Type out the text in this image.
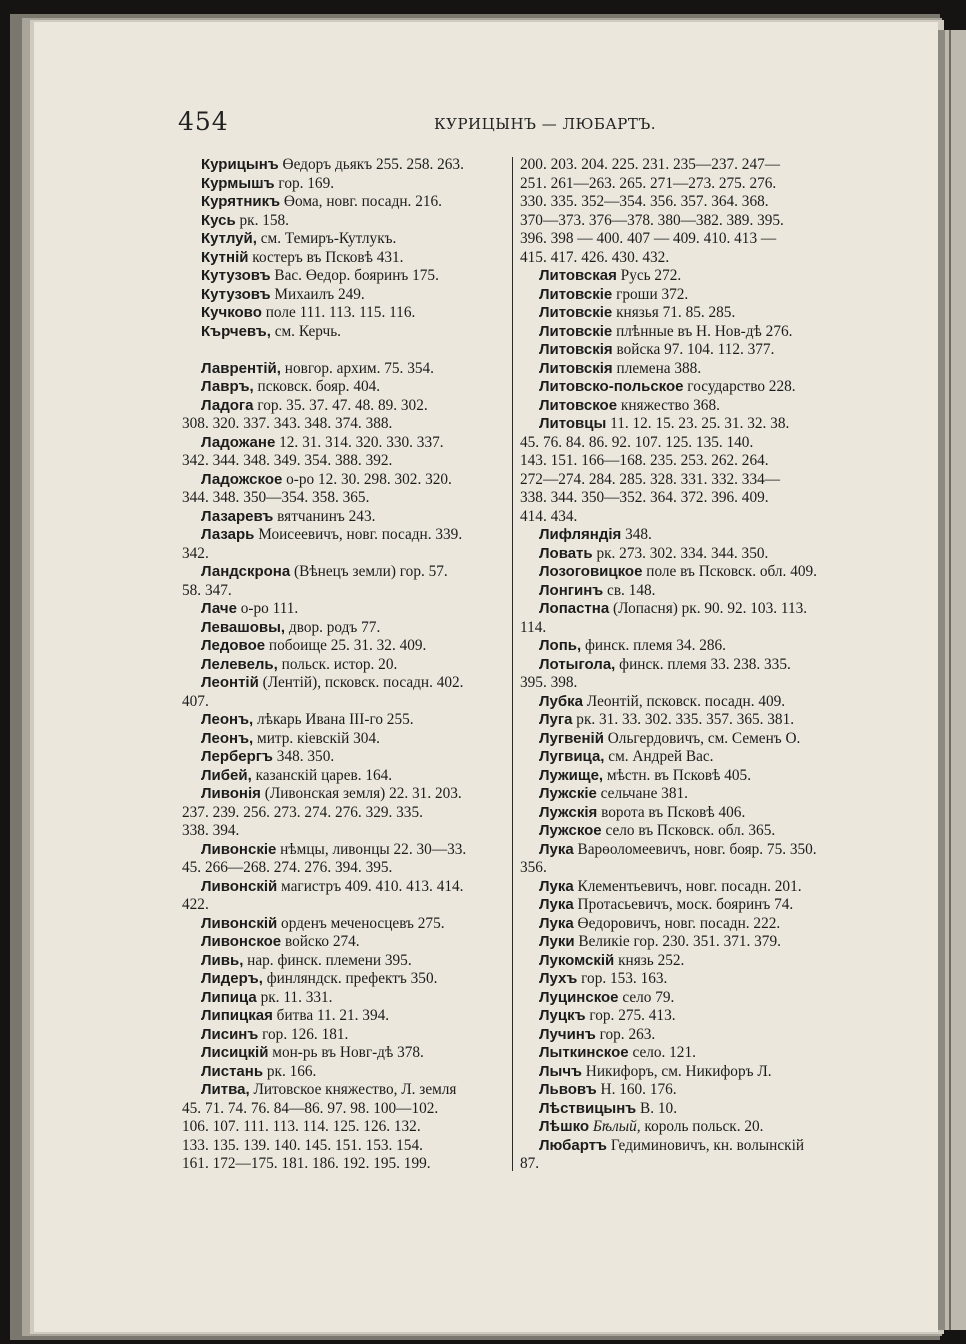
454	КУРИЦЫНЪ — ЛЮБАРТЪ.
Курицынъ Өедоръ дьякъ 255. 258. 263.
Курмышъ гор. 169.
Курятникъ Өома, новг. посадн. 216.
Кусь рк. 158.
Кутлуй, см. Темиръ-Кутлукъ.
Кутній костеръ въ Псковѣ 431.
Кутузовъ Вас. Өедор. бояринъ 175.
Кутузовъ Михаилъ 249.
Кучково поле 111. 113. 115. 116.
Кърчевъ, см. Керчь.
Лаврентій, новгор. архим. 75. 354.
Лавръ, псковск. бояр. 404.
Ладога гор. 35. 37. 47. 48. 89. 302.
308. 320. 337. 343. 348. 374. 388.
Ладожане 12. 31. 314. 320. 330. 337.
342. 344. 348. 349. 354. 388. 392.
Ладожское о-ро 12. 30. 298. 302. 320.
344. 348. 350—354. 358. 365.
Лазаревъ вятчанинъ 243.
Лазарь Моисеевичъ, новг. посадн. 339.
342.
Ландскрона (Вѣнецъ земли) гор. 57.
58. 347.
Лаче о-ро 111.
Левашовы, двор. родъ 77.
Ледовое побоище 25. 31. 32. 409.
Лелевель, польск. истор. 20.
Леонтій (Лентій), псковск. посадн. 402.
407.
Леонъ, лѣкарь Ивана III-го 255.
Леонъ, митр. кіевскій 304.
Лербергъ 348. 350.
Либей, казанскій царев. 164.
Ливонія (Ливонская земля) 22. 31. 203.
237. 239. 256. 273. 274. 276. 329. 335.
338. 394.
Ливонскіе нѣмцы, ливонцы 22. 30—33.
45. 266—268. 274. 276. 394. 395.
Ливонскій магистръ 409. 410. 413. 414.
422.
Ливонскій орденъ меченосцевъ 275.
Ливонское войско 274.
Ливь, нар. финск. племени 395.
Лидеръ, финляндск. префектъ 350.
Липица рк. 11. 331.
Липицкая битва 11. 21. 394.
Лисинъ гор. 126. 181.
Лисицкій мон-рь въ Новг-дѣ 378.
Листань рк. 166.
Литва, Литовское княжество, Л. земля
45. 71. 74. 76. 84—86. 97. 98. 100—102.
106. 107. 111. 113. 114. 125. 126. 132.
133. 135. 139. 140. 145. 151. 153. 154.
161. 172—175. 181. 186. 192. 195. 199.
200. 203. 204. 225. 231. 235—237. 247—
251. 261—263. 265. 271—273. 275. 276.
330. 335. 352—354. 356. 357. 364. 368.
370—373. 376—378. 380—382. 389. 395.
396. 398 — 400. 407 — 409. 410. 413 —
415. 417. 426. 430. 432.
Литовская Русь 272.
Литовскіе гроши 372.
Литовскіе князья 71. 85. 285.
Литовскіе плѣнные въ Н. Нов-дѣ 276.
Литовскія войска 97. 104. 112. 377.
Литовскія племена 388.
Литовско-польское государство 228.
Литовское княжество 368.
Литовцы 11. 12. 15. 23. 25. 31. 32. 38.
45. 76. 84. 86. 92. 107. 125. 135. 140.
143. 151. 166—168. 235. 253. 262. 264.
272—274. 284. 285. 328. 331. 332. 334—
338. 344. 350—352. 364. 372. 396. 409.
414. 434.
Лифляндія 348.
Ловать рк. 273. 302. 334. 344. 350.
Лозоговицкое поле въ Псковск. обл. 409.
Лонгинъ св. 148.
Лопастна (Лопасня) рк. 90. 92. 103. 113.
114.
Лопь, финск. племя 34. 286.
Лотыгола, финск. племя 33. 238. 335.
395. 398.
Лубка Леонтій, псковск. посадн. 409.
Луга рк. 31. 33. 302. 335. 357. 365. 381.
Лугвеній Ольгердовичъ, см. Семенъ О.
Лугвица, см. Андрей Вас.
Лужище, мѣстн. въ Псковѣ 405.
Лужскіе сельчане 381.
Лужскія ворота въ Псковѣ 406.
Лужское село въ Псковск. обл. 365.
Лука Варөоломеевичъ, новг. бояр. 75. 350.
356.
Лука Клементьевичъ, новг. посадн. 201.
Лука Протасьевичъ, моск. бояринъ 74.
Лука Өедоровичъ, новг. посадн. 222.
Луки Великіе гор. 230. 351. 371. 379.
Лукомскій князь 252.
Лухъ гор. 153. 163.
Луцинское село 79.
Луцкъ гор. 275. 413.
Лучинъ гор. 263.
Лыткинское село. 121.
Лычъ Никифоръ, см. Никифоръ Л.
Львовъ Н. 160. 176.
Лѣствицынъ В. 10.
Лѣшко Бѣлый, король польск. 20.
Любартъ Гедиминовичъ, кн. волынскій
87.
